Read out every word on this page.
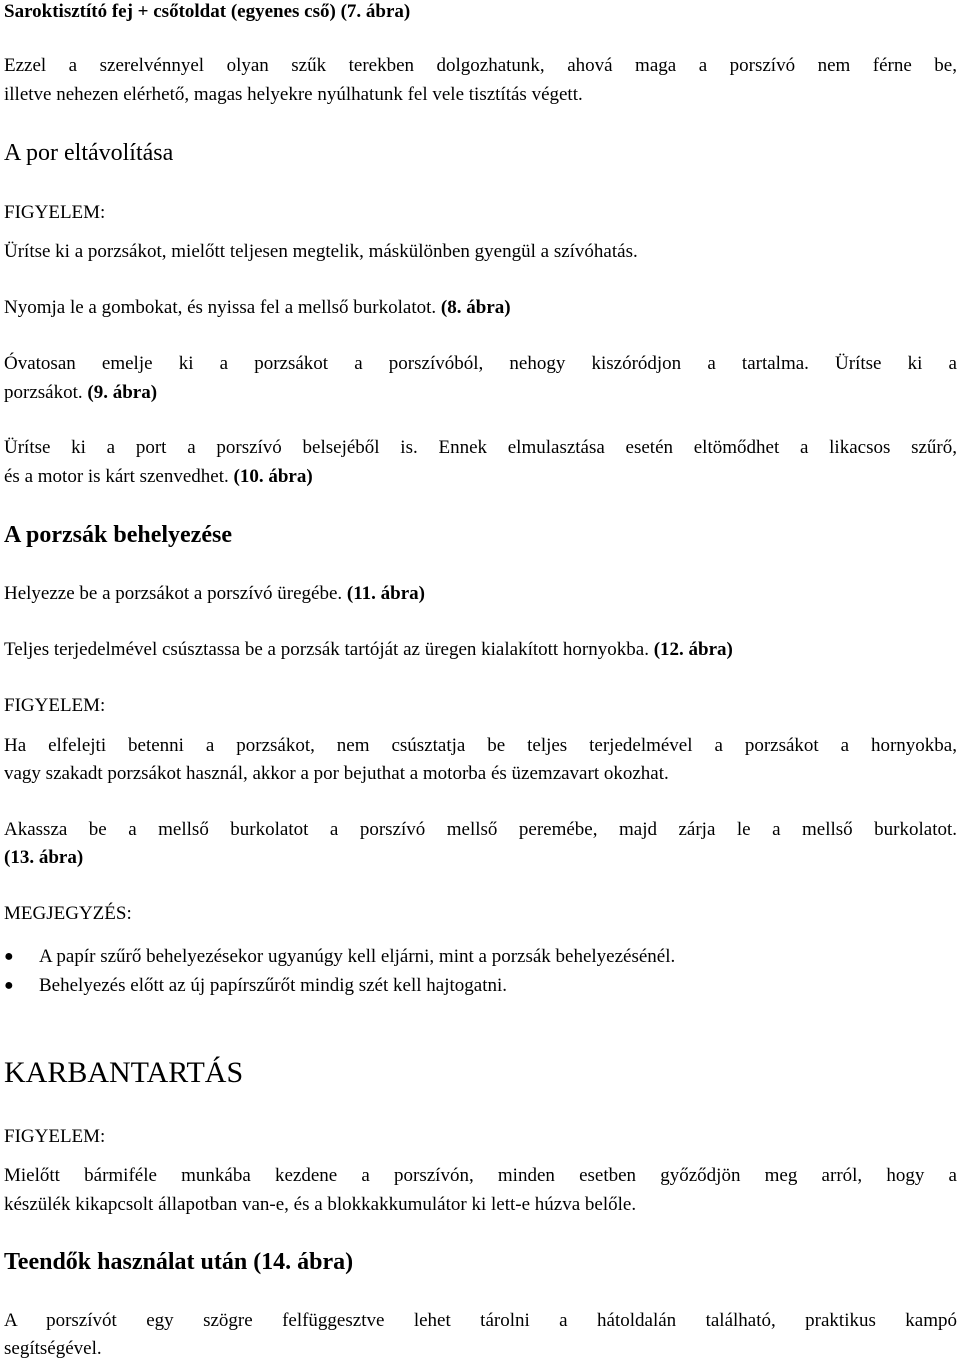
Saroktisztító fej + csőtoldat (egyenes cső) (7. ábra)
Ezzel a szerelvénnyel olyan szűk terekben dolgozhatunk, ahová maga a porszívó nem férne be,
illetve nehezen elérhető, magas helyekre nyúlhatunk fel vele tisztítás végett.
A por eltávolítása
FIGYELEM:
Ürítse ki a porzsákot, mielőtt teljesen megtelik, máskülönben gyengül a szívóhatás.
Nyomja le a gombokat, és nyissa fel a mellső burkolatot. (8. ábra)
Óvatosan emelje ki a porzsákot a porszívóból, nehogy kiszóródjon a tartalma. Ürítse ki a
porzsákot. (9. ábra)
Ürítse ki a port a porszívó belsejéből is. Ennek elmulasztása esetén eltömődhet a likacsos szűrő,
és a motor is kárt szenvedhet. (10. ábra)
A porzsák behelyezése
Helyezze be a porzsákot a porszívó üregébe. (11. ábra)
Teljes terjedelmével csúsztassa be a porzsák tartóját az üregen kialakított hornyokba. (12. ábra)
FIGYELEM:
Ha elfelejti betenni a porzsákot, nem csúsztatja be teljes terjedelmével a porzsákot a hornyokba,
vagy szakadt porzsákot használ, akkor a por bejuthat a motorba és üzemzavart okozhat.
Akassza be a mellső burkolatot a porszívó mellső peremébe, majd zárja le a mellső burkolatot.
(13. ábra)
MEGJEGYZÉS:
● A papír szűrő behelyezésekor ugyanúgy kell eljárni, mint a porzsák behelyezésénél.
● Behelyezés előtt az új papírszűrőt mindig szét kell hajtogatni.
KARBANTARTÁS
FIGYELEM:
Mielőtt bármiféle munkába kezdene a porszívón, minden esetben győződjön meg arról, hogy a
készülék kikapcsolt állapotban van-e, és a blokkakkumulátor ki lett-e húzva belőle.
Teendők használat után (14. ábra)
A porszívót egy szögre felfüggesztve lehet tárolni a hátoldalán található, praktikus kampó
segítségével.
